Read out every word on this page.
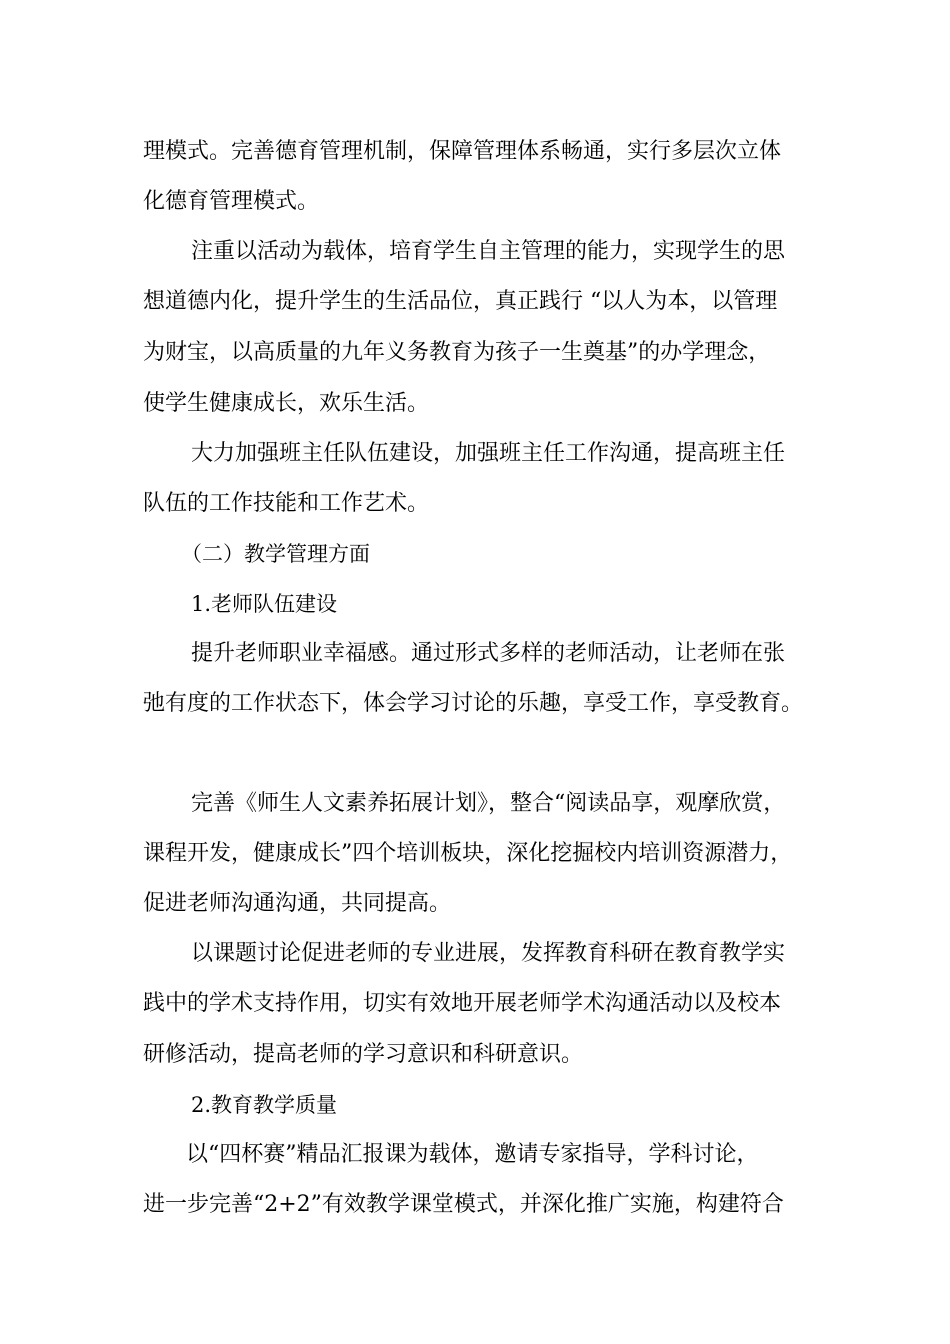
理模式。完善德育管理机制，保障管理体系畅通，实行多层次立体
化德育管理模式。
注重以活动为载体，培育学生自主管理的能力，实现学生的思
想道德内化，提升学生的生活品位，真正践行 “以人为本，以管理
为财宝，以高质量的九年义务教育为孩子一生奠基”的办学理念，
使学生健康成长，欢乐生活。
大力加强班主任队伍建设，加强班主任工作沟通，提高班主任
队伍的工作技能和工作艺术。
（二）教学管理方面
1.老师队伍建设
提升老师职业幸福感。通过形式多样的老师活动，让老师在张
弛有度的工作状态下，体会学习讨论的乐趣，享受工作，享受教育。
完善《师生人文素养拓展计划》，整合“阅读品享，观摩欣赏，
课程开发，健康成长”四个培训板块，深化挖掘校内培训资源潜力，
促进老师沟通沟通，共同提高。
以课题讨论促进老师的专业进展，发挥教育科研在教育教学实
践中的学术支持作用，切实有效地开展老师学术沟通活动以及校本
研修活动，提高老师的学习意识和科研意识。
2.教育教学质量
以“四杯赛”精品汇报课为载体，邀请专家指导，学科讨论，
进一步完善“2+2”有效教学课堂模式，并深化推广实施，构建符合
